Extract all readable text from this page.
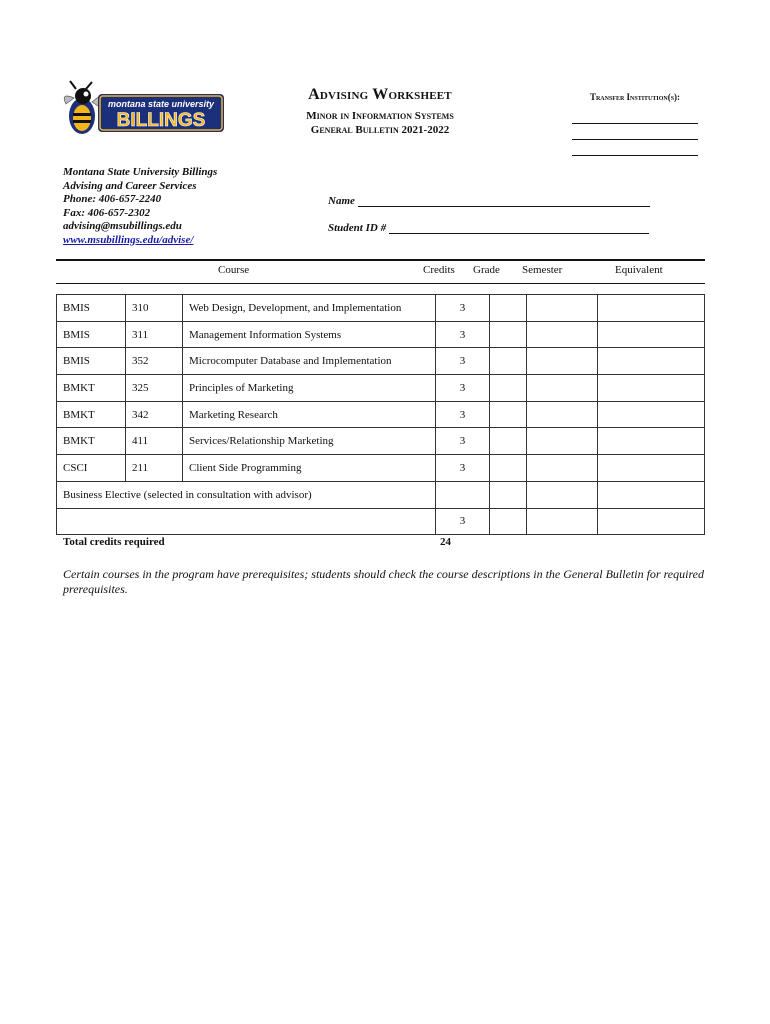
montana state university
BILLINGS
Advising Worksheet
Minor in Information Systems
General Bulletin 2021-2022
Transfer Institution(s):
Montana State University Billings
Advising and Career Services
Phone: 406-657-2240
Fax: 406-657-2302
advising@msubillings.edu
www.msubillings.edu/advise/
Name
Student ID #
Course	Credits Grade Semester	Equivalent
BMIS	310	Web Design, Development, and Implementation	3			
BMIS	311	Management Information Systems	3			
BMIS	352	Microcomputer Database and Implementation	3			
BMKT	325	Principles of Marketing	3			
BMKT	342	Marketing Research	3			
BMKT	411	Services/Relationship Marketing	3			
CSCI	211	Client Side Programming	3			
Business Elective (selected in consultation with advisor)						
			3			
Total credits required	24
Certain courses in the program have prerequisites; students should check the course descriptions in the General Bulletin for required prerequisites.
